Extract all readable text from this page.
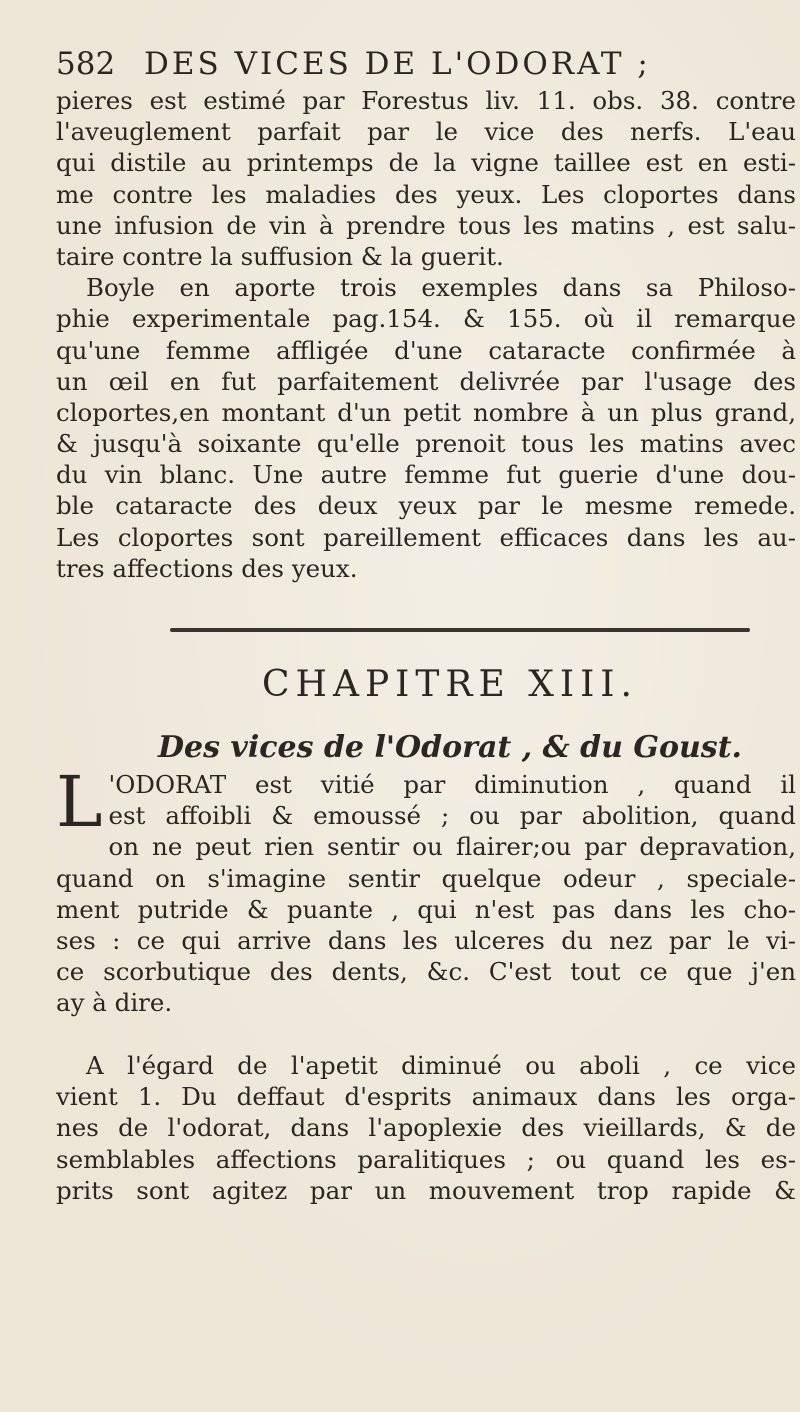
582 DES VICES DE L'ODORAT ;
pieres est estimé par Forestus liv. 11. obs. 38. contre
l'aveuglement parfait par le vice des nerfs. L'eau
qui distile au printemps de la vigne taillee est en esti-
me contre les maladies des yeux. Les cloportes dans
une infusion de vin à prendre tous les matins , est salu-
taire contre la suffusion & la guerit.
Boyle en aporte trois exemples dans sa Philoso-
phie experimentale pag.154. & 155. où il remarque
qu'une femme affligée d'une cataracte confirmée à
un œil en fut parfaitement delivrée par l'usage des
cloportes,en montant d'un petit nombre à un plus grand,
& jusqu'à soixante qu'elle prenoit tous les matins avec
du vin blanc. Une autre femme fut guerie d'une dou-
ble cataracte des deux yeux par le mesme remede.
Les cloportes sont pareillement efficaces dans les au-
tres affections des yeux.
CHAPITRE XIII.
Des vices de l'Odorat , & du Goust.
L 'ODORAT est vitié par diminution , quand il
est affoibli & emoussé ; ou par abolition, quand
on ne peut rien sentir ou flairer;ou par depravation,
quand on s'imagine sentir quelque odeur , speciale-
ment putride & puante , qui n'est pas dans les cho-
ses : ce qui arrive dans les ulceres du nez par le vi-
ce scorbutique des dents, &c. C'est tout ce que j'en
ay à dire.
A l'égard de l'apetit diminué ou aboli , ce vice
vient 1. Du deffaut d'esprits animaux dans les orga-
nes de l'odorat, dans l'apoplexie des vieillards, & de
semblables affections paralitiques ; ou quand les es-
prits sont agitez par un mouvement trop rapide &
